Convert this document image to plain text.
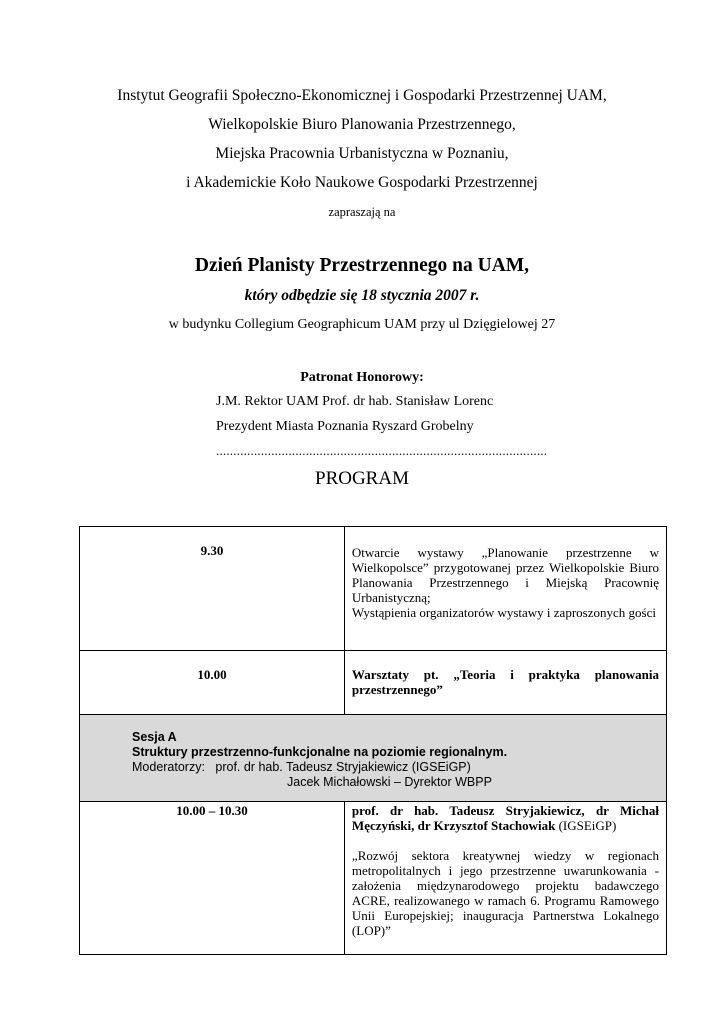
Instytut Geografii Społeczno-Ekonomicznej i Gospodarki Przestrzennej UAM,
Wielkopolskie Biuro Planowania Przestrzennego,
Miejska Pracownia Urbanistyczna w Poznaniu,
i Akademickie Koło Naukowe Gospodarki Przestrzennej
zapraszają na
Dzień Planisty Przestrzennego na UAM,
który odbędzie się 18 stycznia 2007 r.
w budynku Collegium Geographicum UAM przy ul Dzięgielowej 27
Patronat Honorowy:
J.M. Rektor UAM Prof. dr hab. Stanisław Lorenc
Prezydent Miasta Poznania Ryszard Grobelny
................................................................................................
PROGRAM
9.30	Otwarcie wystawy „Planowanie przestrzenne w Wielkopolsce” przygotowanej przez Wielkopolskie Biuro Planowania Przestrzennego i Miejską Pracownię Urbanistyczną;
Wystąpienia organizatorów wystawy i zaproszonych gości

10.00	Warsztaty pt. „Teoria i praktyka planowania przestrzennego”

Sesja A
Struktury przestrzenno-funkcjonalne na poziomie regionalnym.
Moderatorzy: prof. dr hab. Tadeusz Stryjakiewicz (IGSEiGP)
Jacek Michałowski – Dyrektor WBPP	

10.00 – 10.30	prof. dr hab. Tadeusz Stryjakiewicz, dr Michał Męczyński, dr Krzysztof Stachowiak (IGSEiGP)
„Rozwój sektora kreatywnej wiedzy w regionach metropolitalnych i jego przestrzenne uwarunkowania - założenia międzynarodowego projektu badawczego ACRE, realizowanego w ramach 6. Programu Ramowego Unii Europejskiej; inauguracja Partnerstwa Lokalnego (LOP)”
